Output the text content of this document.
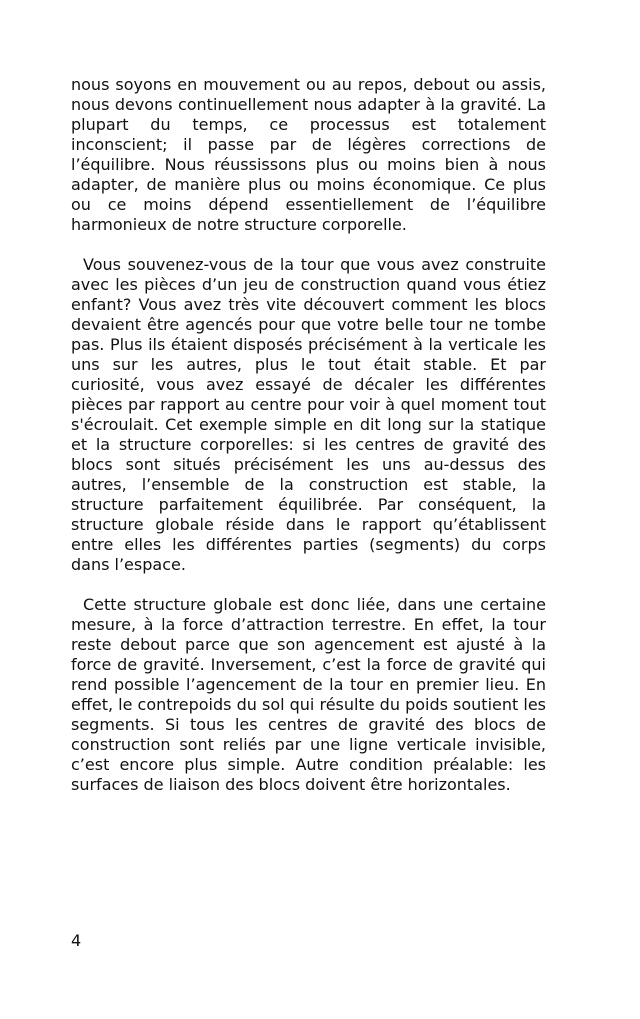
nous soyons en mouvement ou au repos, debout ou assis, nous devons continuellement nous adapter à la gravité. La plupart du temps, ce processus est totalement inconscient; il passe par de légères corrections de l’équilibre. Nous réussissons plus ou moins bien à nous adapter, de manière plus ou moins économique. Ce plus ou ce moins dépend essentiellement de l’équilibre harmonieux de notre structure corporelle.

Vous souvenez-vous de la tour que vous avez construite avec les pièces d’un jeu de construction quand vous étiez enfant? Vous avez très vite découvert comment les blocs devaient être agencés pour que votre belle tour ne tombe pas. Plus ils étaient disposés précisément à la verticale les uns sur les autres, plus le tout était stable. Et par curiosité, vous avez essayé de décaler les différentes pièces par rapport au centre pour voir à quel moment tout s'écroulait. Cet exemple simple en dit long sur la statique et la structure corporelles: si les centres de gravité des blocs sont situés précisément les uns au-dessus des autres, l’ensemble de la construction est stable, la structure parfaitement équilibrée. Par conséquent, la structure globale réside dans le rapport qu’établissent entre elles les différentes parties (segments) du corps dans l’espace.

Cette structure globale est donc liée, dans une certaine mesure, à la force d’attraction terrestre. En effet, la tour reste debout parce que son agencement est ajusté à la force de gravité. Inversement, c’est la force de gravité qui rend possible l’agencement de la tour en premier lieu. En effet, le contrepoids du sol qui résulte du poids soutient les segments. Si tous les centres de gravité des blocs de construction sont reliés par une ligne verticale invisible, c’est encore plus simple. Autre condition préalable: les surfaces de liaison des blocs doivent être horizontales.

4
